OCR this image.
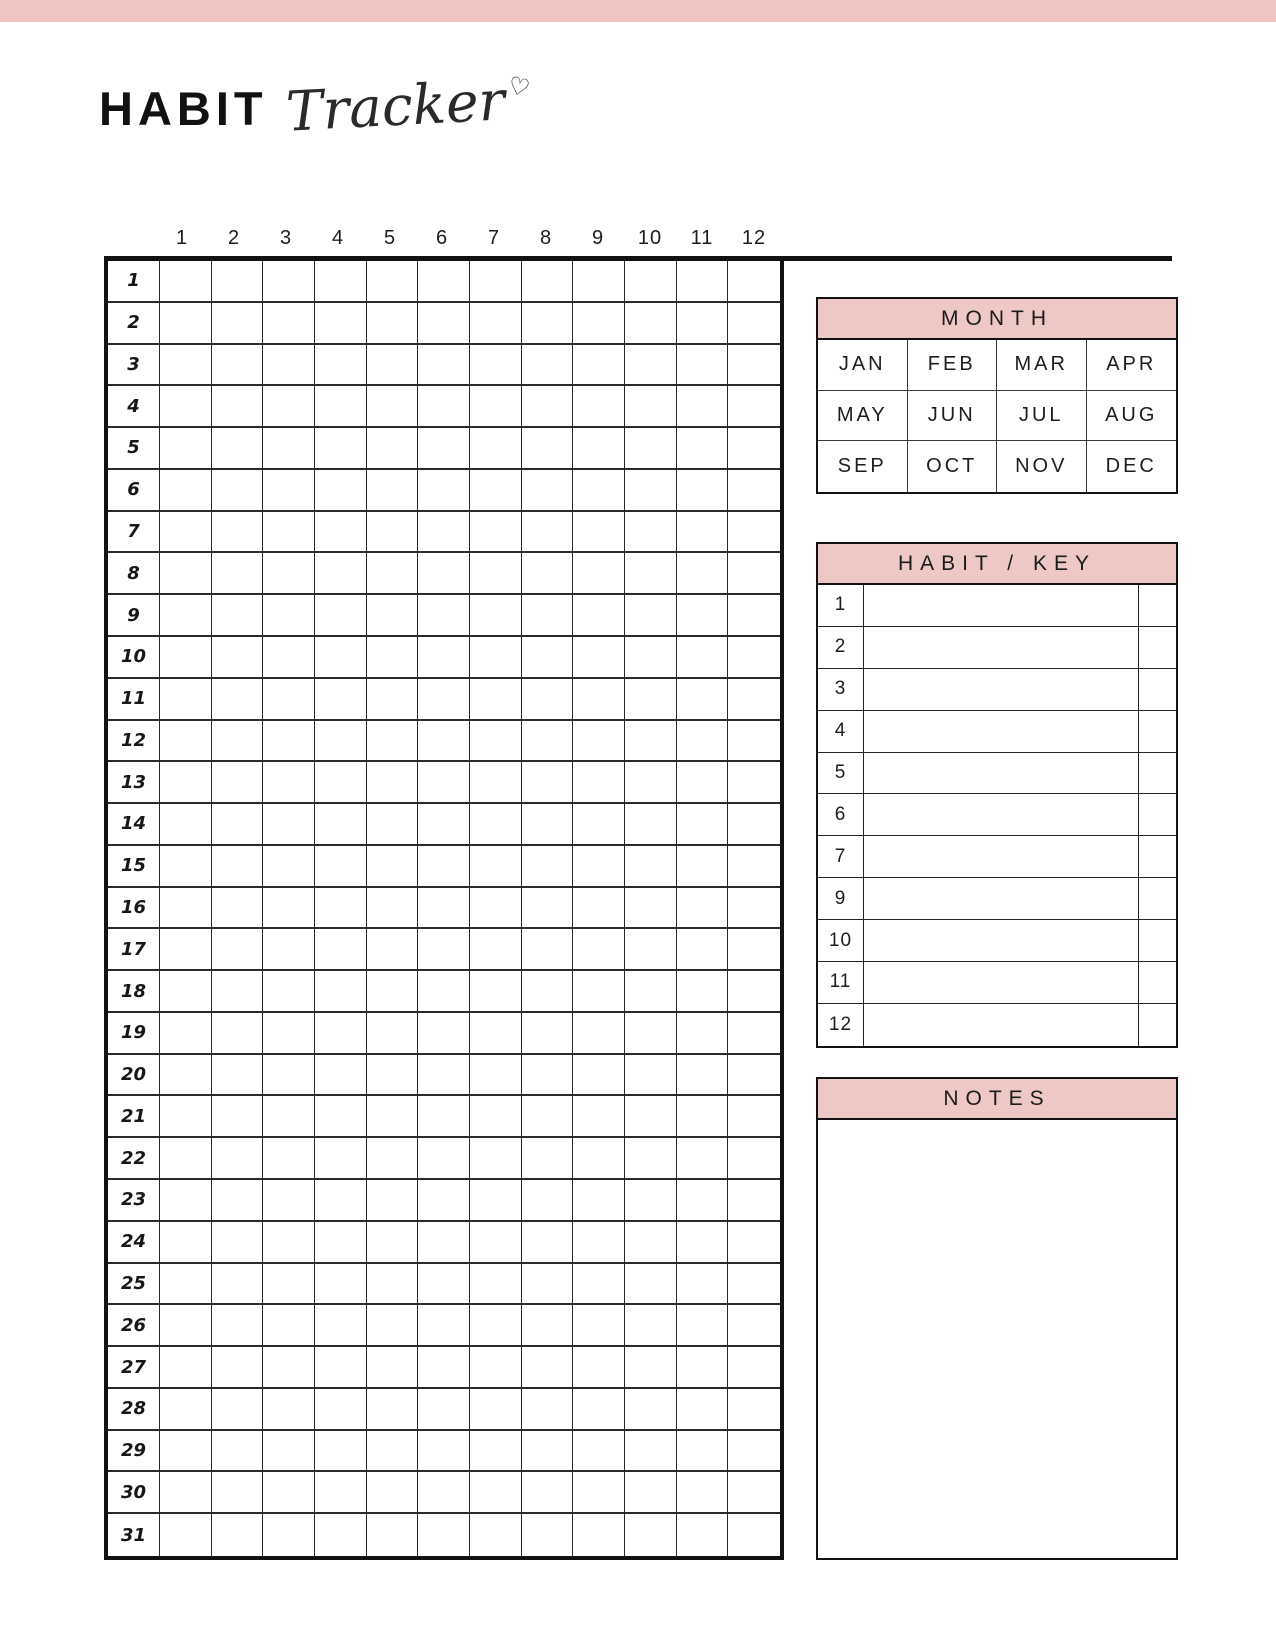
HABIT Tracker ♡
1	2	3	4	5	6	7	8	9	10	11	12
1
2
3
4
5
6
7
8
9
10
11
12
13
14
15
16
17
18
19
20
21
22
23
24
25
26
27
28
29
30
31
MONTH
JAN	FEB	MAR	APR
MAY	JUN	JUL	AUG
SEP	OCT	NOV	DEC
HABIT / KEY
1
2
3
4
5
6
7
9
10
11
12
NOTES
